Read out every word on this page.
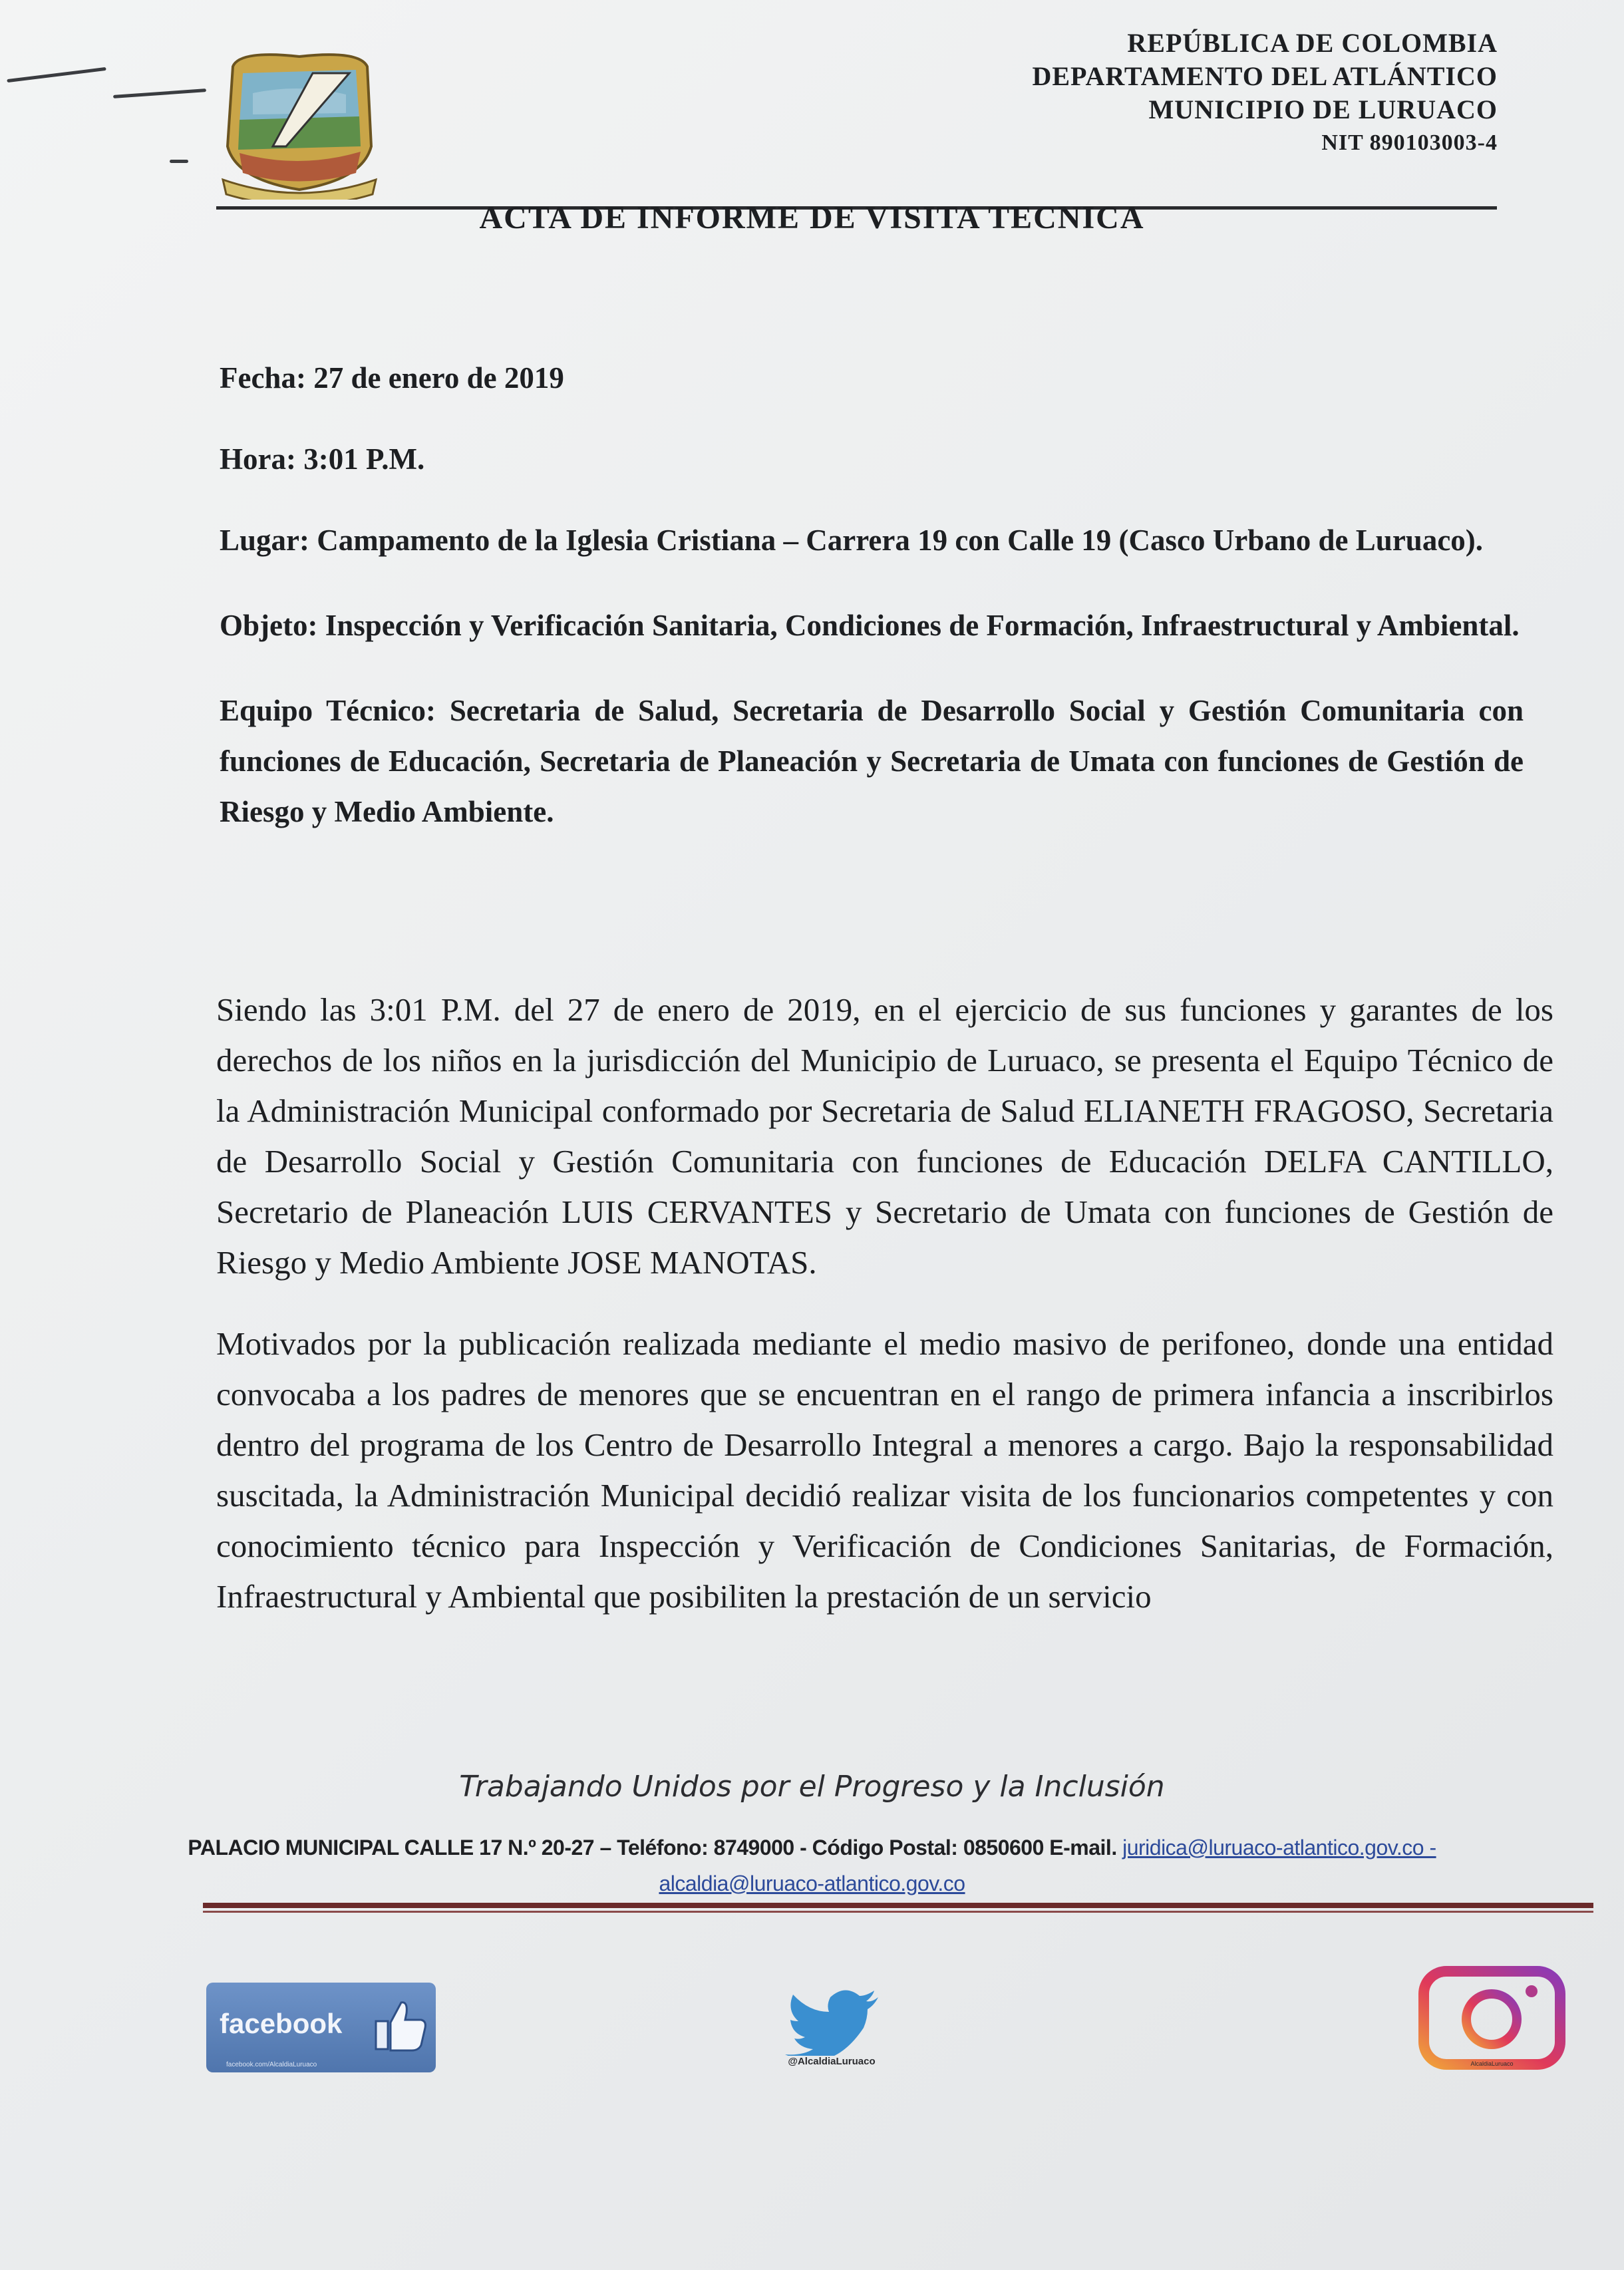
REPÚBLICA DE COLOMBIA
DEPARTAMENTO DEL ATLÁNTICO
MUNICIPIO DE LURUACO
NIT 890103003-4
ACTA DE INFORME DE VISITA TECNICA

Fecha: 27 de enero de 2019

Hora: 3:01 P.M.

Lugar: Campamento de la Iglesia Cristiana – Carrera 19 con Calle 19 (Casco Urbano de Luruaco).

Objeto: Inspección y Verificación Sanitaria, Condiciones de Formación, Infraestructural y Ambiental.

Equipo Técnico: Secretaria de Salud, Secretaria de Desarrollo Social y Gestión Comunitaria con funciones de Educación, Secretaria de Planeación y Secretaria de Umata con funciones de Gestión de Riesgo y Medio Ambiente.

Siendo las 3:01 P.M. del 27 de enero de 2019, en el ejercicio de sus funciones y garantes de los derechos de los niños en la jurisdicción del Municipio de Luruaco, se presenta el Equipo Técnico de la Administración Municipal conformado por Secretaria de Salud ELIANETH FRAGOSO, Secretaria de Desarrollo Social y Gestión Comunitaria con funciones de Educación DELFA CANTILLO, Secretario de Planeación LUIS CERVANTES y Secretario de Umata con funciones de Gestión de Riesgo y Medio Ambiente JOSE MANOTAS.

Motivados por la publicación realizada mediante el medio masivo de perifoneo, donde una entidad convocaba a los padres de menores que se encuentran en el rango de primera infancia a inscribirlos dentro del programa de los Centro de Desarrollo Integral a menores a cargo. Bajo la responsabilidad suscitada, la Administración Municipal decidió realizar visita de los funcionarios competentes y con conocimiento técnico para Inspección y Verificación de Condiciones Sanitarias, de Formación, Infraestructural y Ambiental que posibiliten la prestación de un servicio

Trabajando Unidos por el Progreso y la Inclusión
PALACIO MUNICIPAL CALLE 17 N.º 20-27 – Teléfono: 8749000 - Código Postal: 0850600 E-mail. juridica@luruaco-atlantico.gov.co -
alcaldia@luruaco-atlantico.gov.co
facebook
facebook.com/AlcaldiaLuruaco	@AlcaldiaLuruaco	AlcaldiaLuruaco
